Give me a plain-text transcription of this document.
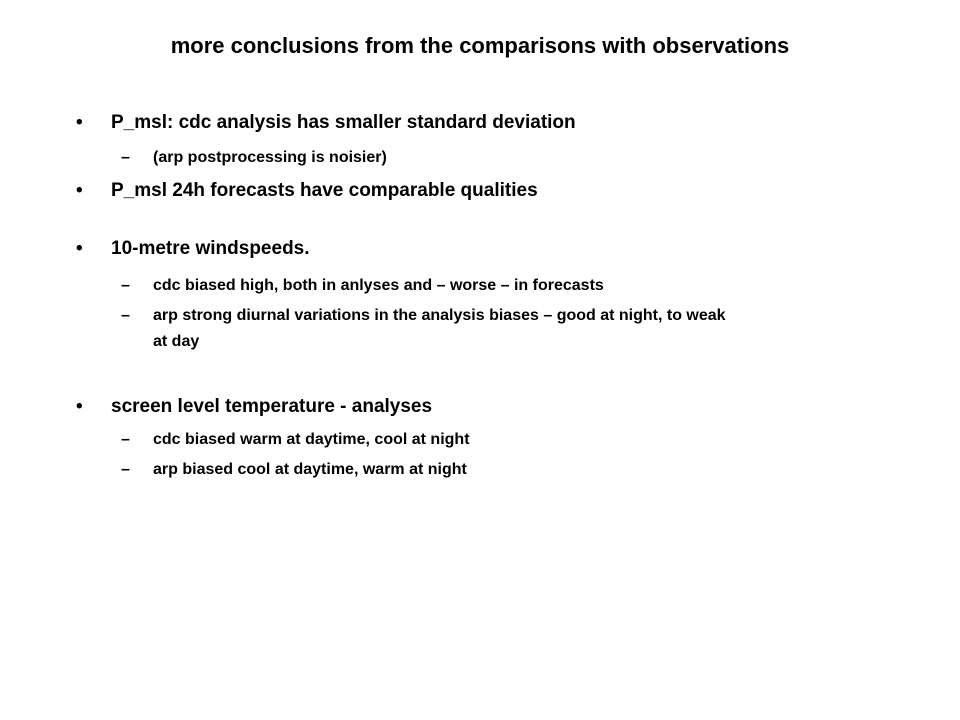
more conclusions from the comparisons with observations
• P_msl: cdc analysis has smaller standard deviation
– (arp postprocessing is noisier)
• P_msl 24h forecasts have comparable qualities
• 10-metre windspeeds.
– cdc biased high, both in anlyses and – worse – in forecasts
– arp strong diurnal variations in the analysis biases – good at night, to weak
at day
• screen level temperature - analyses
– cdc biased warm at daytime, cool at night
– arp biased cool at daytime, warm at night
